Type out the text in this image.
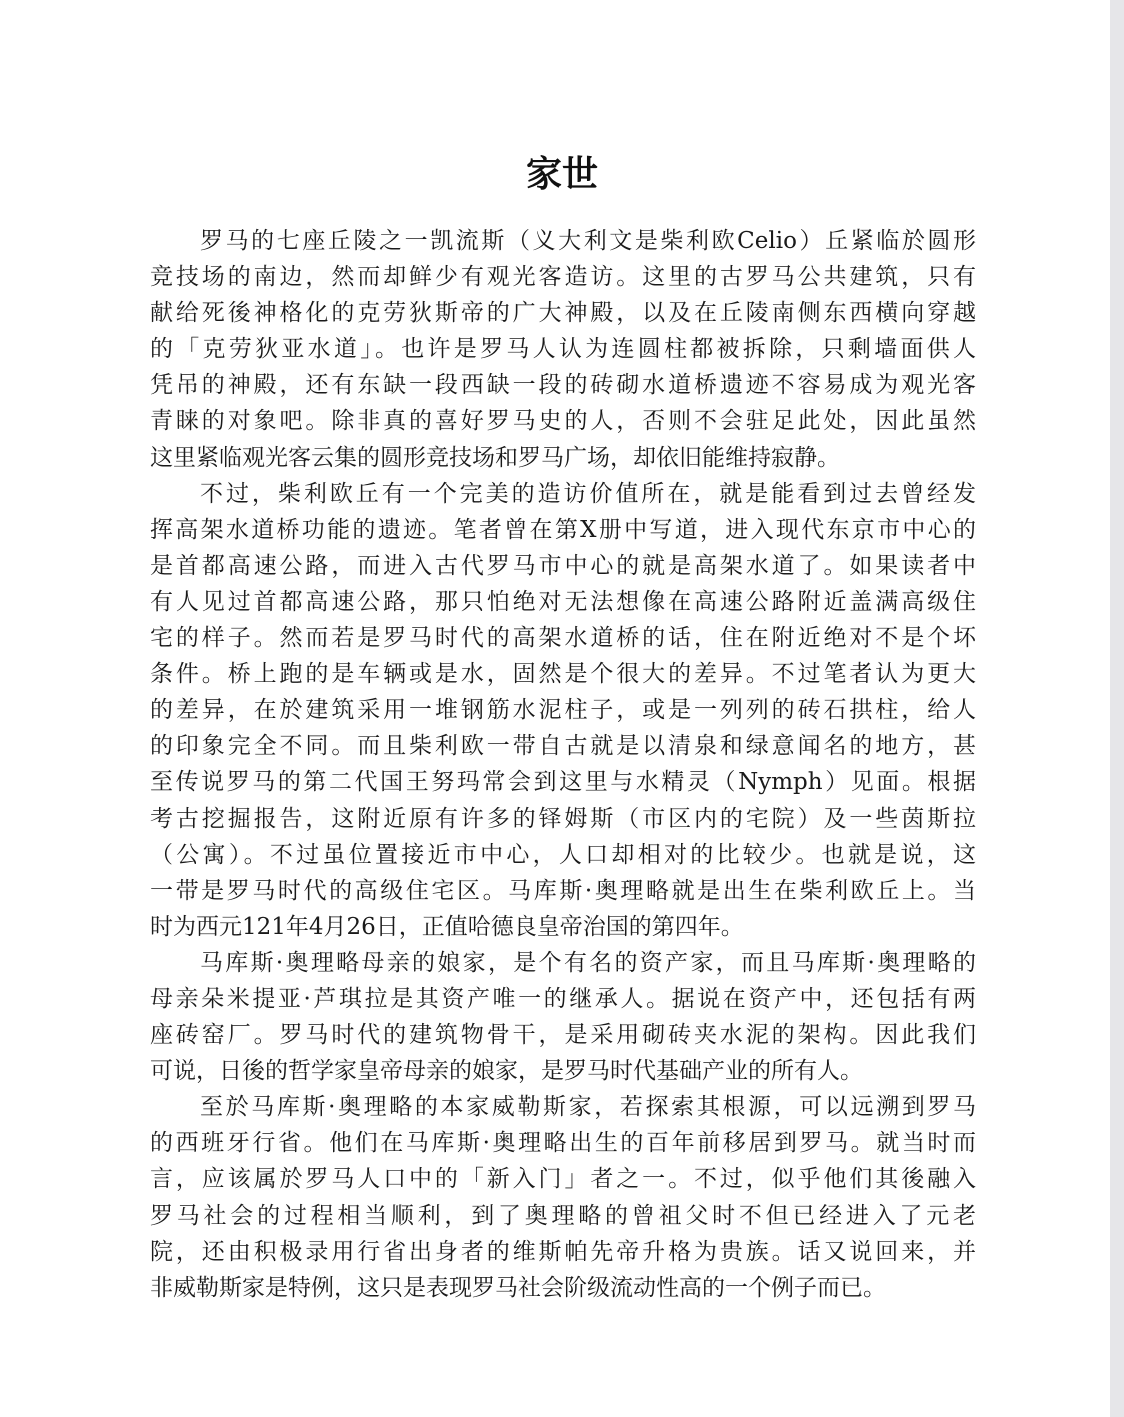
家世
罗马的七座丘陵之一凯流斯（义大利文是柴利欧Celio）丘紧临於圆形
竞技场的南边，然而却鲜少有观光客造访。这里的古罗马公共建筑，只有
献给死後神格化的克劳狄斯帝的广大神殿，以及在丘陵南侧东西横向穿越
的「克劳狄亚水道」。也许是罗马人认为连圆柱都被拆除，只剩墙面供人
凭吊的神殿，还有东缺一段西缺一段的砖砌水道桥遗迹不容易成为观光客
青睐的对象吧。除非真的喜好罗马史的人，否则不会驻足此处，因此虽然
这里紧临观光客云集的圆形竞技场和罗马广场，却依旧能维持寂静。
不过，柴利欧丘有一个完美的造访价值所在，就是能看到过去曾经发
挥高架水道桥功能的遗迹。笔者曾在第X册中写道，进入现代东京市中心的
是首都高速公路，而进入古代罗马市中心的就是高架水道了。如果读者中
有人见过首都高速公路，那只怕绝对无法想像在高速公路附近盖满高级住
宅的样子。然而若是罗马时代的高架水道桥的话，住在附近绝对不是个坏
条件。桥上跑的是车辆或是水，固然是个很大的差异。不过笔者认为更大
的差异，在於建筑采用一堆钢筋水泥柱子，或是一列列的砖石拱柱，给人
的印象完全不同。而且柴利欧一带自古就是以清泉和绿意闻名的地方，甚
至传说罗马的第二代国王努玛常会到这里与水精灵（Nymph）见面。根据
考古挖掘报告，这附近原有许多的铎姆斯（市区内的宅院）及一些茵斯拉
（公寓）。不过虽位置接近市中心，人口却相对的比较少。也就是说，这
一带是罗马时代的高级住宅区。马库斯·奥理略就是出生在柴利欧丘上。当
时为西元121年4月26日，正值哈德良皇帝治国的第四年。
马库斯·奥理略母亲的娘家，是个有名的资产家，而且马库斯·奥理略的
母亲朵米提亚·芦琪拉是其资产唯一的继承人。据说在资产中，还包括有两
座砖窑厂。罗马时代的建筑物骨干，是采用砌砖夹水泥的架构。因此我们
可说，日後的哲学家皇帝母亲的娘家，是罗马时代基础产业的所有人。
至於马库斯·奥理略的本家威勒斯家，若探索其根源，可以远溯到罗马
的西班牙行省。他们在马库斯·奥理略出生的百年前移居到罗马。就当时而
言，应该属於罗马人口中的「新入门」者之一。不过，似乎他们其後融入
罗马社会的过程相当顺利，到了奥理略的曾祖父时不但已经进入了元老
院，还由积极录用行省出身者的维斯帕先帝升格为贵族。话又说回来，并
非威勒斯家是特例，这只是表现罗马社会阶级流动性高的一个例子而已。
